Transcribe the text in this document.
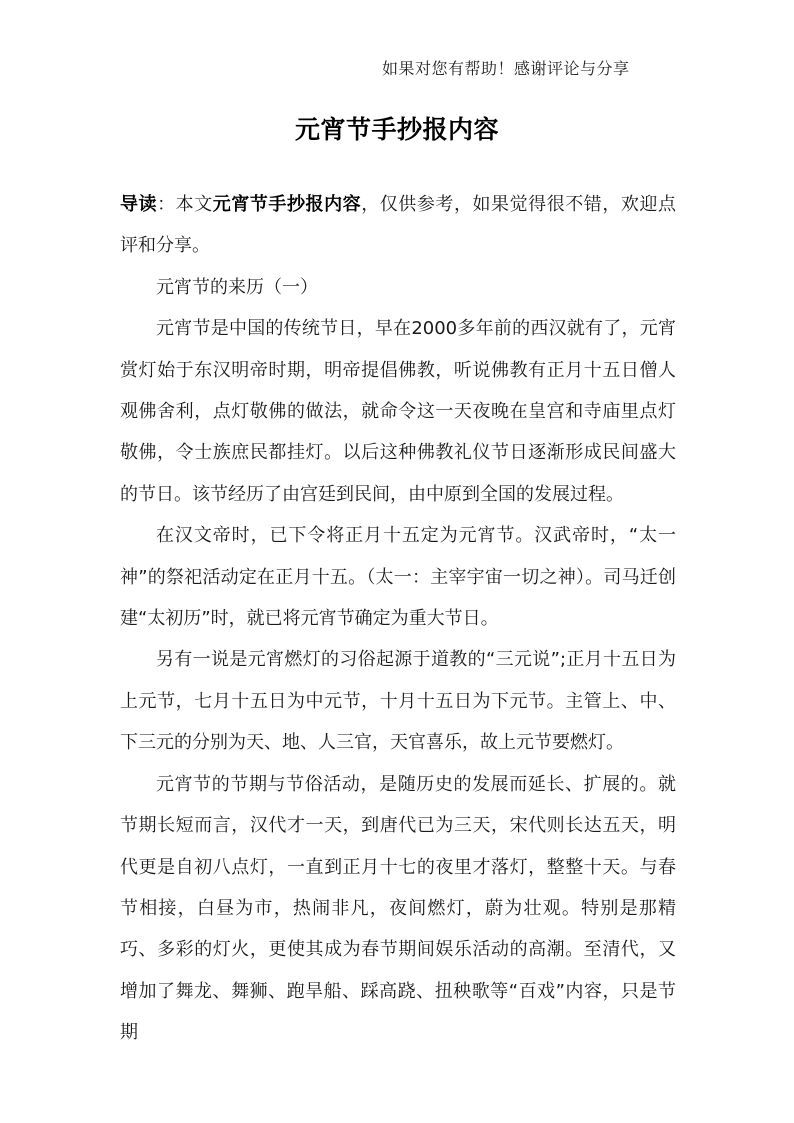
如果对您有帮助！感谢评论与分享
元宵节手抄报内容

导读：本文元宵节手抄报内容，仅供参考，如果觉得很不错，欢迎点评和分享。

元宵节的来历（一）

元宵节是中国的传统节日，早在2000多年前的西汉就有了，元宵赏灯始于东汉明帝时期，明帝提倡佛教，听说佛教有正月十五日僧人观佛舍利，点灯敬佛的做法，就命令这一天夜晚在皇宫和寺庙里点灯敬佛，令士族庶民都挂灯。以后这种佛教礼仪节日逐渐形成民间盛大的节日。该节经历了由宫廷到民间，由中原到全国的发展过程。

在汉文帝时，已下令将正月十五定为元宵节。汉武帝时，“太一神”的祭祀活动定在正月十五。（太一：主宰宇宙一切之神）。司马迁创建“太初历”时，就已将元宵节确定为重大节日。

另有一说是元宵燃灯的习俗起源于道教的“三元说”;正月十五日为上元节，七月十五日为中元节，十月十五日为下元节。主管上、中、下三元的分别为天、地、人三官，天官喜乐，故上元节要燃灯。

元宵节的节期与节俗活动，是随历史的发展而延长、扩展的。就节期长短而言，汉代才一天，到唐代已为三天，宋代则长达五天，明代更是自初八点灯，一直到正月十七的夜里才落灯，整整十天。与春节相接，白昼为市，热闹非凡，夜间燃灯，蔚为壮观。特别是那精巧、多彩的灯火，更使其成为春节期间娱乐活动的高潮。至清代，又增加了舞龙、舞狮、跑旱船、踩高跷、扭秧歌等“百戏”内容，只是节期
